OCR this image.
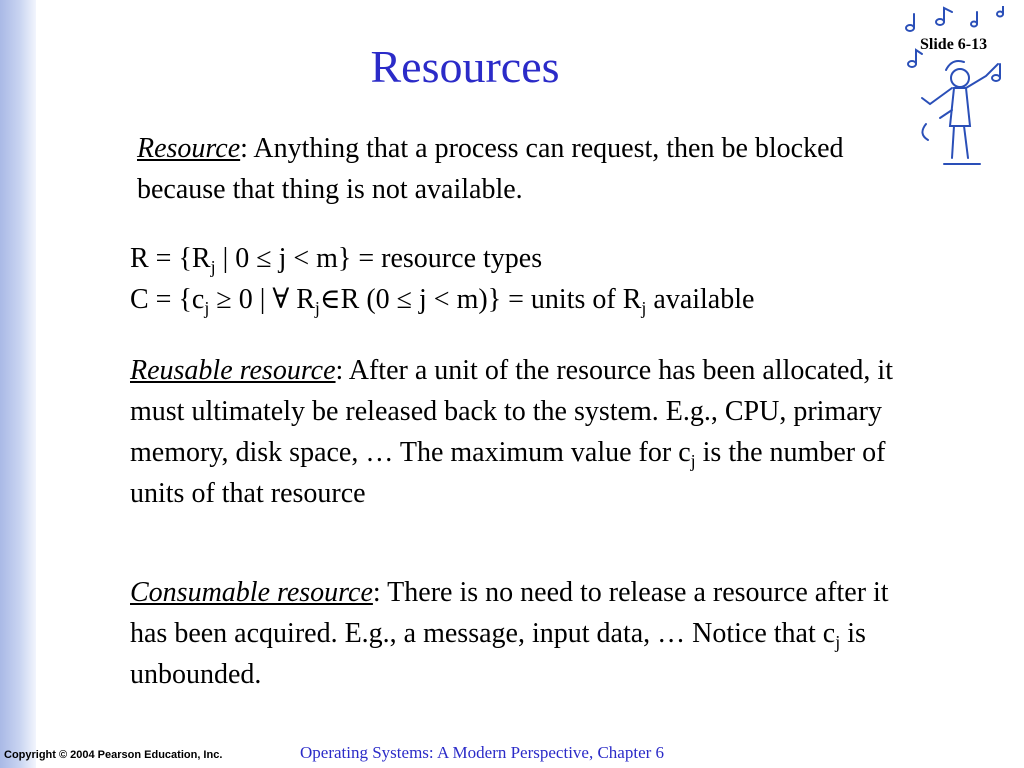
Resources	Slide 6-13

Resource: Anything that a process can request, then be blocked because that thing is not available.

$R = \{R_j$ | 0 ≤ j < m} = resource types
$C = \{c_j \ge 0$ | ∀ $R_j\in R$ (0 ≤ j < m)} = units of $R_j$ available

Reusable resource: After a unit of the resource has been allocated, it must ultimately be released back to the system. E.g., CPU, primary memory, disk space, … The maximum value for $c_j$ is the number of units of that resource

Consumable resource: There is no need to release a resource after it has been acquired. E.g., a message, input data, … Notice that $c_j$ is unbounded.

Copyright © 2004 Pearson Education, Inc.	Operating Systems: A Modern Perspective, Chapter 6
